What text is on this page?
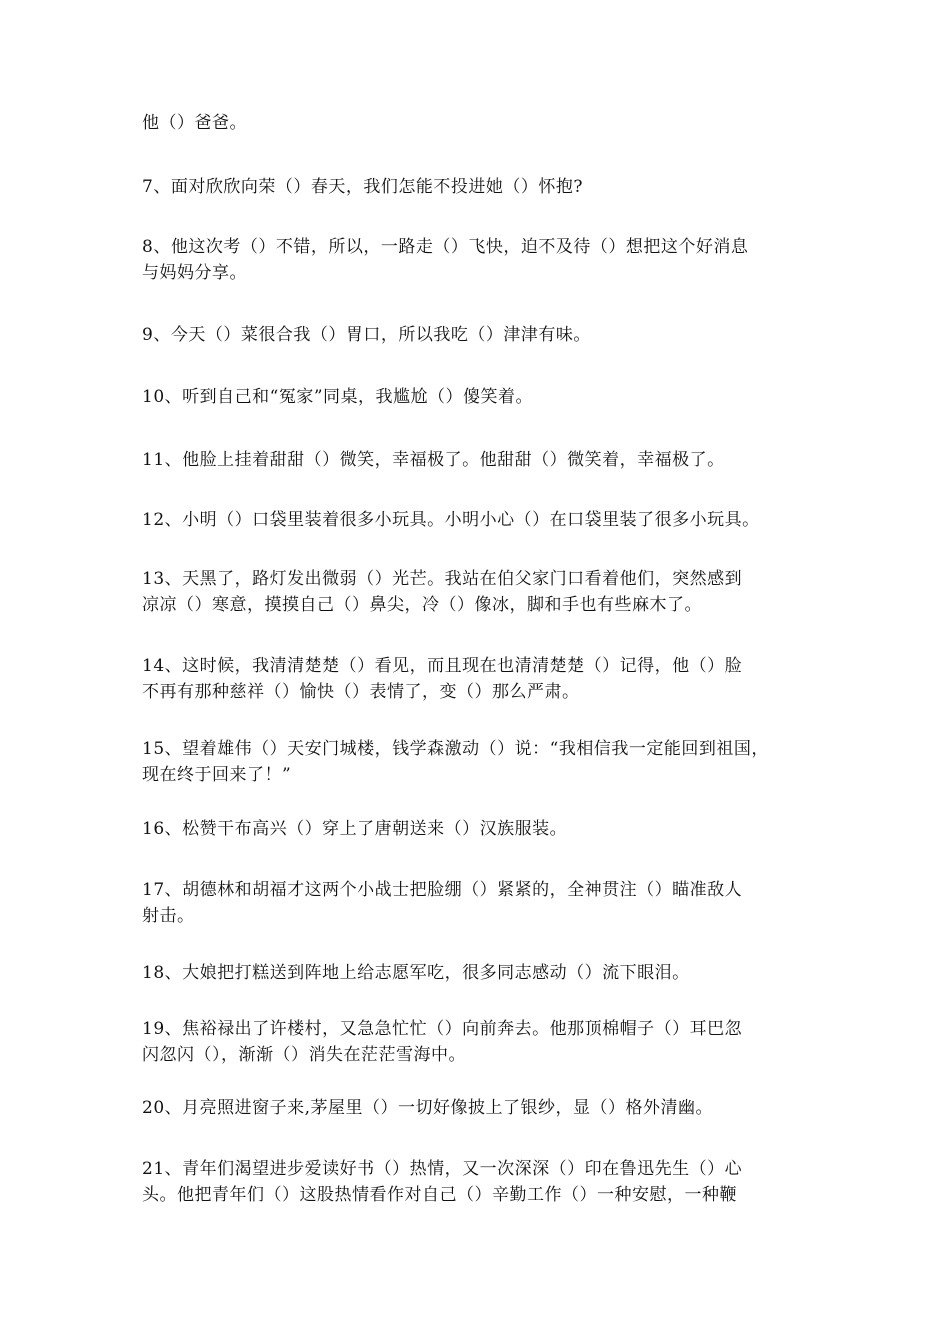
他（）爸爸。
7、面对欣欣向荣（）春天，我们怎能不投进她（）怀抱?
8、他这次考（）不错，所以，一路走（）飞快，迫不及待（）想把这个好消息
与妈妈分享。
9、今天（）菜很合我（）胃口，所以我吃（）津津有味。
10、听到自己和“冤家”同桌，我尴尬（）傻笑着。
11、他脸上挂着甜甜（）微笑，幸福极了。他甜甜（）微笑着，幸福极了。
12、小明（）口袋里装着很多小玩具。小明小心（）在口袋里装了很多小玩具。
13、天黑了，路灯发出微弱（）光芒。我站在伯父家门口看着他们，突然感到
凉凉（）寒意，摸摸自己（）鼻尖，冷（）像冰，脚和手也有些麻木了。
14、这时候，我清清楚楚（）看见，而且现在也清清楚楚（）记得，他（）脸
不再有那种慈祥（）愉快（）表情了，变（）那么严肃。
15、望着雄伟（）天安门城楼，钱学森激动（）说：“我相信我一定能回到祖国，
现在终于回来了！”
16、松赞干布高兴（）穿上了唐朝送来（）汉族服装。
17、胡德林和胡福才这两个小战士把脸绷（）紧紧的，全神贯注（）瞄准敌人
射击。
18、大娘把打糕送到阵地上给志愿军吃，很多同志感动（）流下眼泪。
19、焦裕禄出了许楼村，又急急忙忙（）向前奔去。他那顶棉帽子（）耳巴忽
闪忽闪（），渐渐（）消失在茫茫雪海中。
20、月亮照进窗子来,茅屋里（）一切好像披上了银纱，显（）格外清幽。
21、青年们渴望进步爱读好书（）热情，又一次深深（）印在鲁迅先生（）心
头。他把青年们（）这股热情看作对自己（）辛勤工作（）一种安慰，一种鞭
